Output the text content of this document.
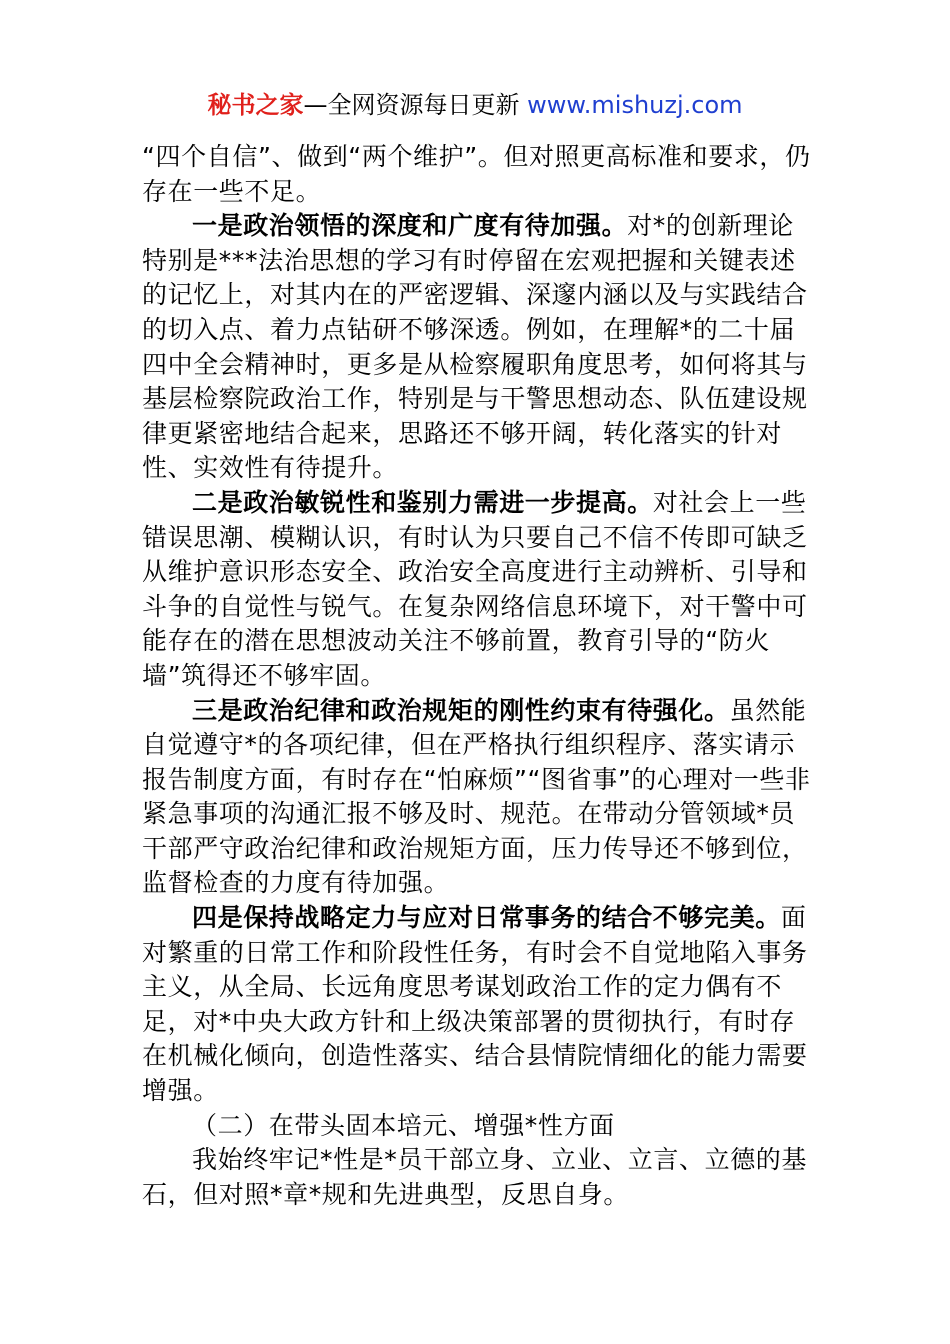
秘书之家—全网资源每日更新 www.mishuzj.com

“四个自信”、做到“两个维护”。但对照更高标准和要求，仍存在一些不足。

一是政治领悟的深度和广度有待加强。对*的创新理论特别是***法治思想的学习有时停留在宏观把握和关键表述的记忆上，对其内在的严密逻辑、深邃内涵以及与实践结合的切入点、着力点钻研不够深透。例如，在理解*的二十届四中全会精神时，更多是从检察履职角度思考，如何将其与基层检察院政治工作，特别是与干警思想动态、队伍建设规律更紧密地结合起来，思路还不够开阔，转化落实的针对性、实效性有待提升。

二是政治敏锐性和鉴别力需进一步提高。对社会上一些错误思潮、模糊认识，有时认为只要自己不信不传即可缺乏从维护意识形态安全、政治安全高度进行主动辨析、引导和斗争的自觉性与锐气。在复杂网络信息环境下，对干警中可能存在的潜在思想波动关注不够前置，教育引导的“防火墙”筑得还不够牢固。

三是政治纪律和政治规矩的刚性约束有待强化。虽然能自觉遵守*的各项纪律，但在严格执行组织程序、落实请示报告制度方面，有时存在“怕麻烦”“图省事”的心理对一些非紧急事项的沟通汇报不够及时、规范。在带动分管领域*员干部严守政治纪律和政治规矩方面，压力传导还不够到位，监督检查的力度有待加强。

四是保持战略定力与应对日常事务的结合不够完美。面对繁重的日常工作和阶段性任务，有时会不自觉地陷入事务主义，从全局、长远角度思考谋划政治工作的定力偶有不足，对*中央大政方针和上级决策部署的贯彻执行，有时存在机械化倾向，创造性落实、结合县情院情细化的能力需要增强。

（二）在带头固本培元、增强*性方面

我始终牢记*性是*员干部立身、立业、立言、立德的基石，但对照*章*规和先进典型，反思自身。
